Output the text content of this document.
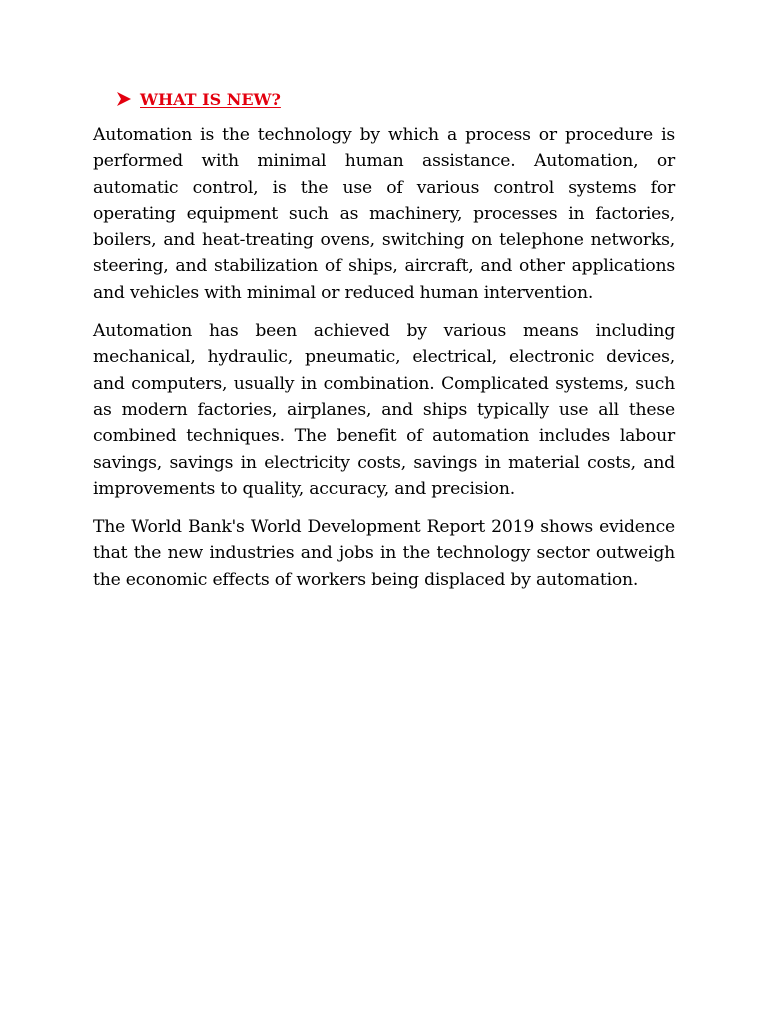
WHAT IS NEW?

Automation is the technology by which a process or procedure is performed with minimal human assistance. Automation, or automatic control, is the use of various control systems for operating equipment such as machinery, processes in factories, boilers, and heat-treating ovens, switching on telephone networks, steering, and stabilization of ships, aircraft, and other applications and vehicles with minimal or reduced human intervention.

Automation has been achieved by various means including mechanical, hydraulic, pneumatic, electrical, electronic devices, and computers, usually in combination. Complicated systems, such as modern factories, airplanes, and ships typically use all these combined techniques. The benefit of automation includes labour savings, savings in electricity costs, savings in material costs, and improvements to quality, accuracy, and precision.

The World Bank's World Development Report 2019 shows evidence that the new industries and jobs in the technology sector outweigh the economic effects of workers being displaced by automation.
